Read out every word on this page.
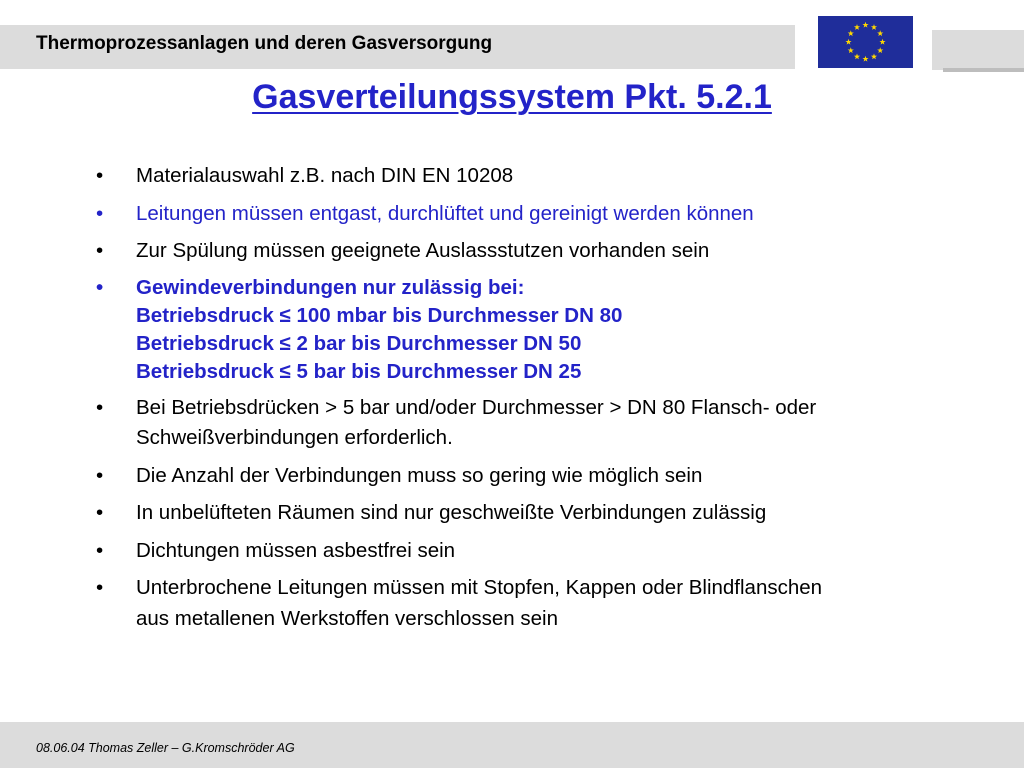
Thermoprozessanlagen und deren Gasversorgung
Gasverteilungssystem Pkt. 5.2.1
• Materialauswahl z.B. nach DIN EN 10208
• Leitungen müssen entgast, durchlüftet und gereinigt werden können
• Zur Spülung müssen geeignete Auslassstutzen vorhanden sein
• Gewindeverbindungen nur zulässig bei:
Betriebsdruck ≤ 100 mbar bis Durchmesser DN 80
Betriebsdruck ≤ 2 bar bis Durchmesser DN 50
Betriebsdruck ≤ 5 bar bis Durchmesser DN 25
• Bei Betriebsdrücken > 5 bar und/oder Durchmesser > DN 80 Flansch- oder Schweißverbindungen erforderlich.
• Die Anzahl der Verbindungen muss so gering wie möglich sein
• In unbelüfteten Räumen sind nur geschweißte Verbindungen zulässig
• Dichtungen müssen asbestfrei sein
• Unterbrochene Leitungen müssen mit Stopfen, Kappen oder Blindflanschen aus metallenen Werkstoffen verschlossen sein
08.06.04 Thomas Zeller – G.Kromschröder AG
